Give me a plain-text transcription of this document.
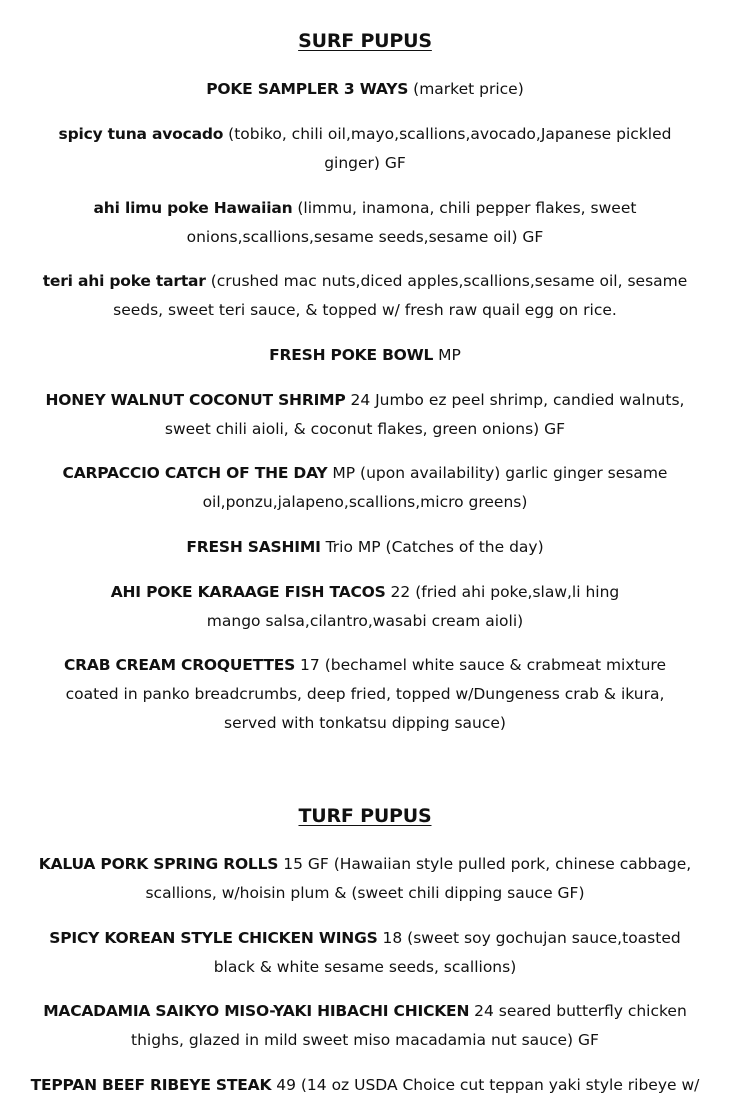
SURF PUPUS

POKE SAMPLER 3 WAYS (market price)

spicy tuna avocado (tobiko, chili oil,mayo,scallions,avocado,Japanese pickled ginger) GF

ahi limu poke Hawaiian (limmu, inamona, chili pepper flakes, sweet onions,scallions,sesame seeds,sesame oil) GF

teri ahi poke tartar (crushed mac nuts,diced apples,scallions,sesame oil, sesame seeds, sweet teri sauce, & topped w/ fresh raw quail egg on rice.

FRESH POKE BOWL MP

HONEY WALNUT COCONUT SHRIMP 24 Jumbo ez peel shrimp, candied walnuts, sweet chili aioli, & coconut flakes, green onions) GF

CARPACCIO CATCH OF THE DAY MP (upon availability) garlic ginger sesame oil,ponzu,jalapeno,scallions,micro greens)

FRESH SASHIMI Trio MP (Catches of the day)

AHI POKE KARAAGE FISH TACOS 22 (fried ahi poke,slaw,li hing mango salsa,cilantro,wasabi cream aioli)

CRAB CREAM CROQUETTES 17 (bechamel white sauce & crabmeat mixture coated in panko breadcrumbs, deep fried, topped w/Dungeness crab & ikura, served with tonkatsu dipping sauce)

TURF PUPUS

KALUA PORK SPRING ROLLS 15 GF (Hawaiian style pulled pork, chinese cabbage, scallions, w/hoisin plum & (sweet chili dipping sauce GF)

SPICY KOREAN STYLE CHICKEN WINGS 18 (sweet soy gochujan sauce,toasted black & white sesame seeds, scallions)

MACADAMIA SAIKYO MISO-YAKI HIBACHI CHICKEN 24 seared butterfly chicken thighs, glazed in mild sweet miso macadamia nut sauce) GF

TEPPAN BEEF RIBEYE STEAK 49 (14 oz USDA Choice cut teppan yaki style ribeye w/
